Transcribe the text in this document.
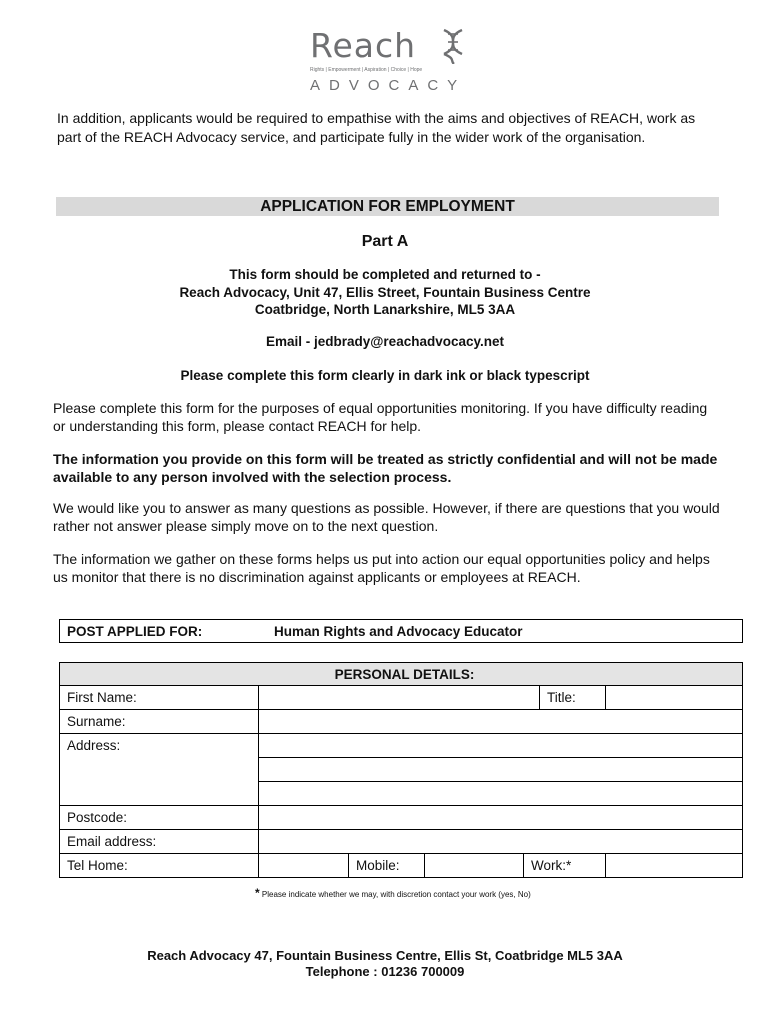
Reach
Rights | Empowerment | Aspiration | Choice | Hope
ADVOCACY
In addition, applicants would be required to empathise with the aims and objectives of REACH, work as part of the REACH Advocacy service, and participate fully in the wider work of the organisation.
APPLICATION FOR EMPLOYMENT
Part A
This form should be completed and returned to -
Reach Advocacy, Unit 47, Ellis Street, Fountain Business Centre
Coatbridge, North Lanarkshire, ML5 3AA
Email - jedbrady@reachadvocacy.net
Please complete this form clearly in dark ink or black typescript
Please complete this form for the purposes of equal opportunities monitoring. If you have difficulty reading or understanding this form, please contact REACH for help.
The information you provide on this form will be treated as strictly confidential and will not be made available to any person involved with the selection process.
We would like you to answer as many questions as possible. However, if there are questions that you would rather not answer please simply move on to the next question.
The information we gather on these forms helps us put into action our equal opportunities policy and helps us monitor that there is no discrimination against applicants or employees at REACH.
POST APPLIED FOR:	Human Rights and Advocacy Educator
PERSONAL DETAILS:						
First Name:					Title:	
Surname:						
Address:						

Postcode:						
Email address:						
Tel Home:		Mobile:		Work:*		
* Please indicate whether we may, with discretion contact your work (yes, No)
Reach Advocacy 47, Fountain Business Centre, Ellis St, Coatbridge ML5 3AA
Telephone : 01236 700009
